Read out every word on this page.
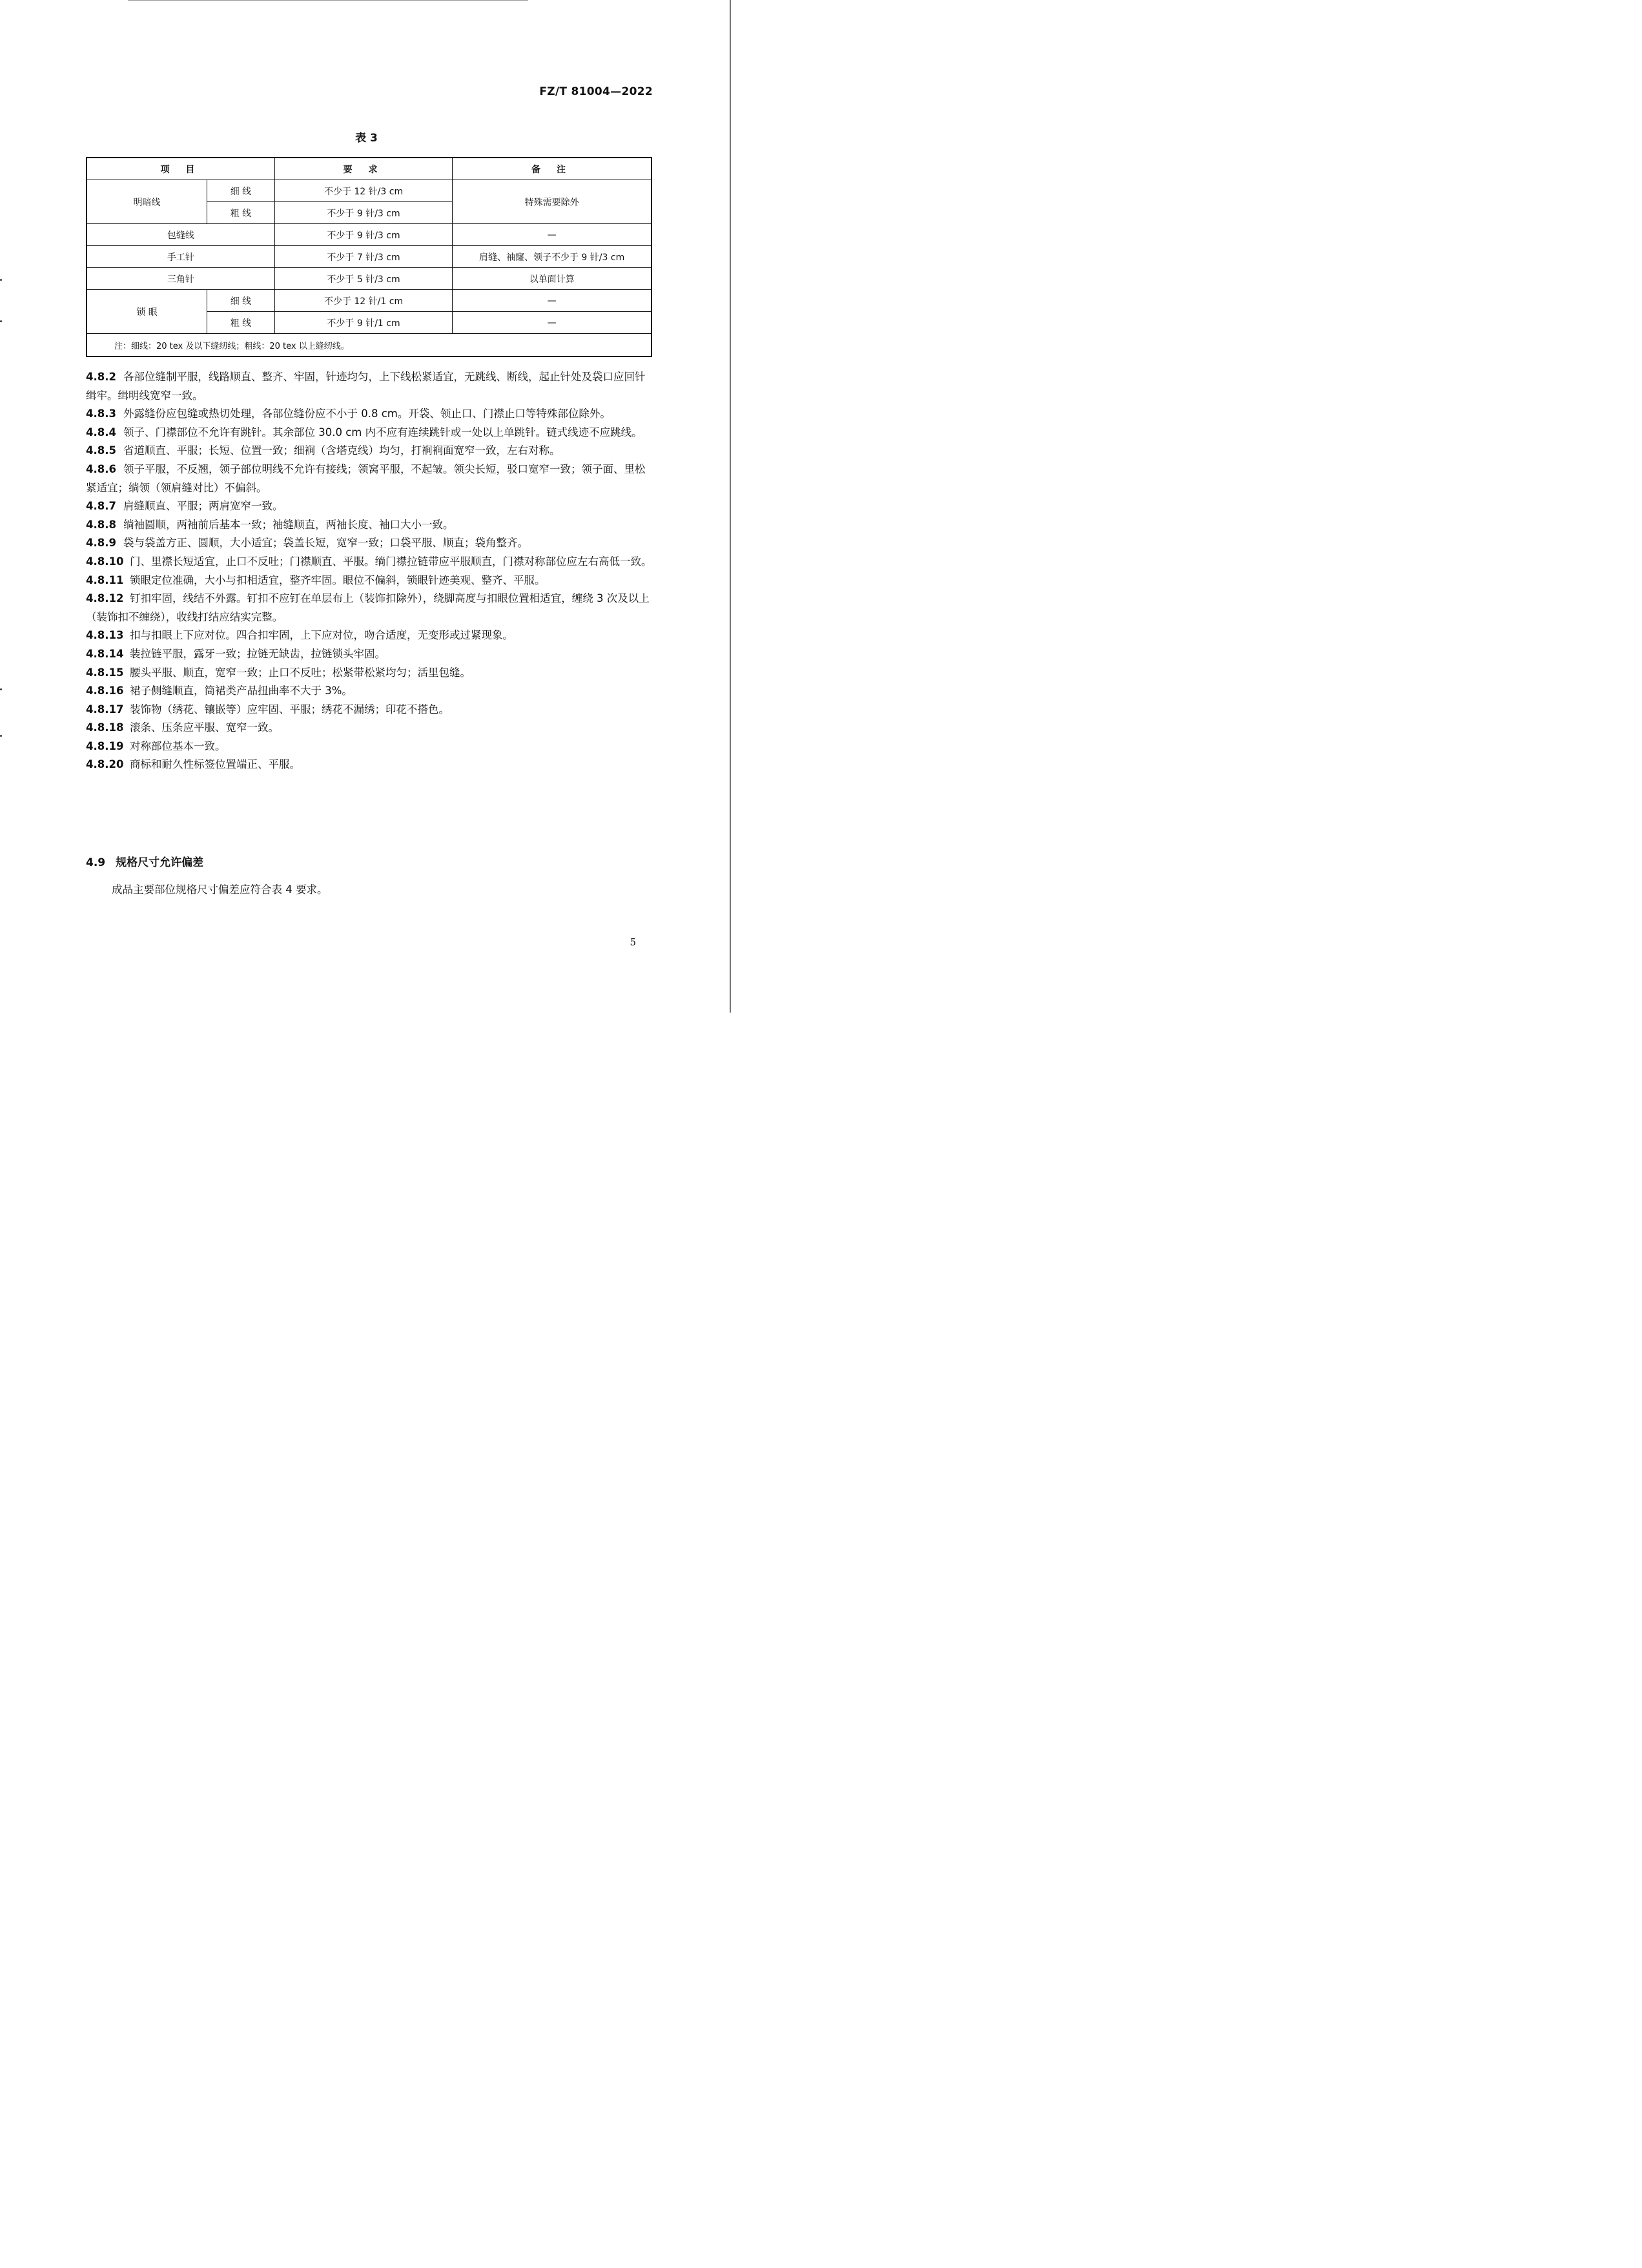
FZ/T 81004—2022
表 3
项 目		要 求	备 注
明暗线	细 线	不少于 12 针/3 cm	特殊需要除外
	粗 线	不少于 9 针/3 cm	
包缝线		不少于 9 针/3 cm	—
手工针		不少于 7 针/3 cm	肩缝、袖窿、领子不少于 9 针/3 cm
三角针		不少于 5 针/3 cm	以单面计算
锁 眼	细 线	不少于 12 针/1 cm	—
	粗 线	不少于 9 针/1 cm	—
注：细线：20 tex 及以下缝纫线；粗线：20 tex 以上缝纫线。			

4.8.2 各部位缝制平服，线路顺直、整齐、牢固，针迹均匀，上下线松紧适宜，无跳线、断线，起止针处及袋口应回针缉牢。缉明线宽窄一致。

4.8.3 外露缝份应包缝或热切处理，各部位缝份应不小于 0.8 cm。开袋、领止口、门襟止口等特殊部位除外。

4.8.4 领子、门襟部位不允许有跳针。其余部位 30.0 cm 内不应有连续跳针或一处以上单跳针。链式线迹不应跳线。

4.8.5 省道顺直、平服；长短、位置一致；细裥（含塔克线）均匀，打裥裥面宽窄一致，左右对称。

4.8.6 领子平服，不反翘，领子部位明线不允许有接线；领窝平服，不起皱。领尖长短，驳口宽窄一致；领子面、里松紧适宜；绱领（领肩缝对比）不偏斜。

4.8.7 肩缝顺直、平服；两肩宽窄一致。

4.8.8 绱袖圆顺，两袖前后基本一致；袖缝顺直，两袖长度、袖口大小一致。

4.8.9 袋与袋盖方正、圆顺，大小适宜；袋盖长短，宽窄一致；口袋平服、顺直；袋角整齐。

4.8.10 门、里襟长短适宜，止口不反吐；门襟顺直、平服。绱门襟拉链带应平服顺直，门襟对称部位应左右高低一致。

4.8.11 锁眼定位准确，大小与扣相适宜，整齐牢固。眼位不偏斜，锁眼针迹美观、整齐、平服。

4.8.12 钉扣牢固，线结不外露。钉扣不应钉在单层布上（装饰扣除外），绕脚高度与扣眼位置相适宜，缠绕 3 次及以上（装饰扣不缠绕），收线打结应结实完整。

4.8.13 扣与扣眼上下应对位。四合扣牢固，上下应对位，吻合适度，无变形或过紧现象。

4.8.14 装拉链平服，露牙一致；拉链无缺齿，拉链锁头牢固。

4.8.15 腰头平服、顺直，宽窄一致；止口不反吐；松紧带松紧均匀；活里包缝。

4.8.16 裙子侧缝顺直，筒裙类产品扭曲率不大于 3%。

4.8.17 装饰物（绣花、镶嵌等）应牢固、平服；绣花不漏绣；印花不搭色。

4.8.18 滚条、压条应平服、宽窄一致。

4.8.19 对称部位基本一致。

4.8.20 商标和耐久性标签位置端正、平服。

4.9 规格尺寸允许偏差
成品主要部位规格尺寸偏差应符合表 4 要求。
5
